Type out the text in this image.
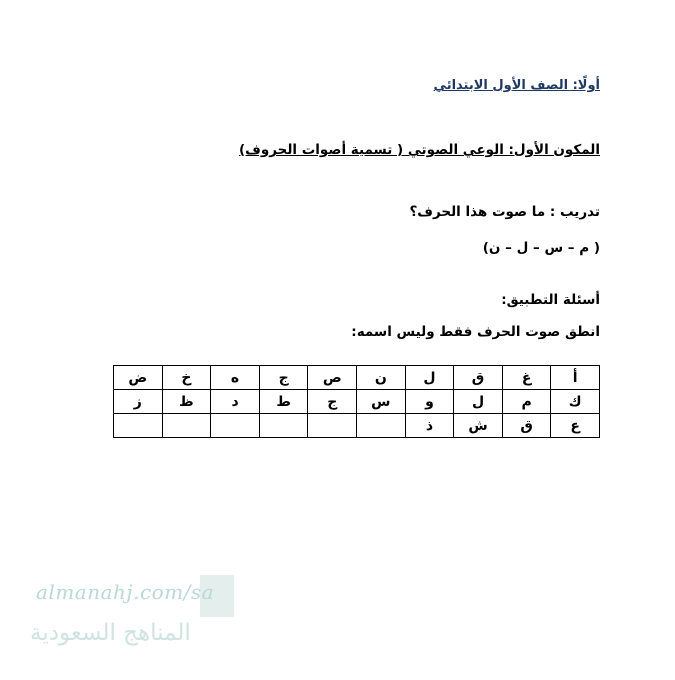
أولًا: الصف الأول الابتدائي
المكون الأول: الوعي الصوتي ( تسمية أصوات الحروف)
تدريب : ما صوت هذا الحرف؟
( م – س – ل – ن)
أسئلة التطبيق:
انطق صوت الحرف فقط وليس اسمه:
أ	غ	ق	ل	ن	ص	ج	ه	خ	ض
ك	م	ل	و	س	ج	ط	د	ظ	ز
ع	ق	ش	ذ						
almanahj.com/sa
المناهج السعودية
